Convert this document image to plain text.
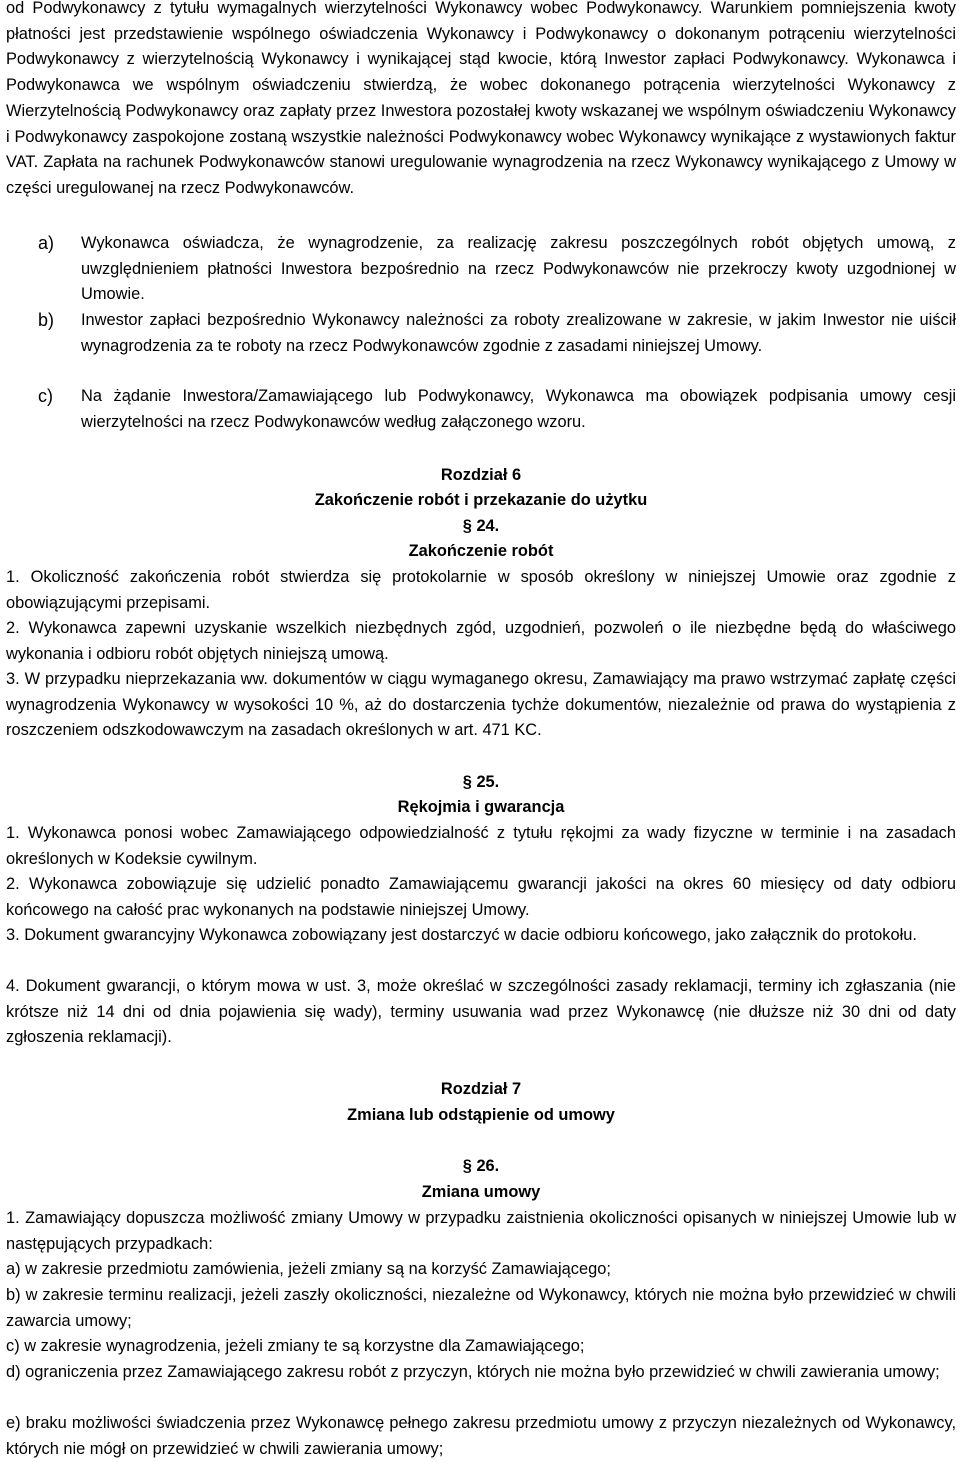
od Podwykonawcy z tytułu wymagalnych wierzytelności Wykonawcy wobec Podwykonawcy. Warunkiem pomniejszenia kwoty płatności jest przedstawienie wspólnego oświadczenia Wykonawcy i Podwykonawcy o dokonanym potrąceniu wierzytelności Podwykonawcy z wierzytelnością Wykonawcy i wynikającej stąd kwocie, którą Inwestor zapłaci Podwykonawcy. Wykonawca i Podwykonawca we wspólnym oświadczeniu stwierdzą, że wobec dokonanego potrącenia wierzytelności Wykonawcy z Wierzytelnością Podwykonawcy oraz zapłaty przez Inwestora pozostałej kwoty wskazanej we wspólnym oświadczeniu Wykonawcy i Podwykonawcy zaspokojone zostaną wszystkie należności Podwykonawcy wobec Wykonawcy wynikające z wystawionych faktur VAT. Zapłata na rachunek Podwykonawców stanowi uregulowanie wynagrodzenia na rzecz Wykonawcy wynikającego z Umowy w części uregulowanej na rzecz Podwykonawców.

a) Wykonawca oświadcza, że wynagrodzenie, za realizację zakresu poszczególnych robót objętych umową, z uwzględnieniem płatności Inwestora bezpośrednio na rzecz Podwykonawców nie przekroczy kwoty uzgodnionej w Umowie.
b) Inwestor zapłaci bezpośrednio Wykonawcy należności za roboty zrealizowane w zakresie, w jakim Inwestor nie uiścił wynagrodzenia za te roboty na rzecz Podwykonawców zgodnie z zasadami niniejszej Umowy.
c) Na żądanie Inwestora/Zamawiającego lub Podwykonawcy, Wykonawca ma obowiązek podpisania umowy cesji wierzytelności na rzecz Podwykonawców według załączonego wzoru.
Rozdział 6
Zakończenie robót i przekazanie do użytku
§ 24.
Zakończenie robót

1. Okoliczność zakończenia robót stwierdza się protokolarnie w sposób określony w niniejszej Umowie oraz zgodnie z obowiązującymi przepisami.

2. Wykonawca zapewni uzyskanie wszelkich niezbędnych zgód, uzgodnień, pozwoleń o ile niezbędne będą do właściwego wykonania i odbioru robót objętych niniejszą umową.

3. W przypadku nieprzekazania ww. dokumentów w ciągu wymaganego okresu, Zamawiający ma prawo wstrzymać zapłatę części wynagrodzenia Wykonawcy w wysokości 10 %, aż do dostarczenia tychże dokumentów, niezależnie od prawa do wystąpienia z roszczeniem odszkodowawczym na zasadach określonych w art. 471 KC.

§ 25.
Rękojmia i gwarancja

1. Wykonawca ponosi wobec Zamawiającego odpowiedzialność z tytułu rękojmi za wady fizyczne w terminie i na zasadach określonych w Kodeksie cywilnym.

2. Wykonawca zobowiązuje się udzielić ponadto Zamawiającemu gwarancji jakości na okres 60 miesięcy od daty odbioru końcowego na całość prac wykonanych na podstawie niniejszej Umowy.

3. Dokument gwarancyjny Wykonawca zobowiązany jest dostarczyć w dacie odbioru końcowego, jako załącznik do protokołu.

4. Dokument gwarancji, o którym mowa w ust. 3, może określać w szczególności zasady reklamacji, terminy ich zgłaszania (nie krótsze niż 14 dni od dnia pojawienia się wady), terminy usuwania wad przez Wykonawcę (nie dłuższe niż 30 dni od daty zgłoszenia reklamacji).

Rozdział 7
Zmiana lub odstąpienie od umowy
§ 26.
Zmiana umowy

1. Zamawiający dopuszcza możliwość zmiany Umowy w przypadku zaistnienia okoliczności opisanych w niniejszej Umowie lub w następujących przypadkach:

a) w zakresie przedmiotu zamówienia, jeżeli zmiany są na korzyść Zamawiającego;

b) w zakresie terminu realizacji, jeżeli zaszły okoliczności, niezależne od Wykonawcy, których nie można było przewidzieć w chwili zawarcia umowy;

c) w zakresie wynagrodzenia, jeżeli zmiany te są korzystne dla Zamawiającego;

d) ograniczenia przez Zamawiającego zakresu robót z przyczyn, których nie można było przewidzieć w chwili zawierania umowy;

e) braku możliwości świadczenia przez Wykonawcę pełnego zakresu przedmiotu umowy z przyczyn niezależnych od Wykonawcy, których nie mógł on przewidzieć w chwili zawierania umowy;
